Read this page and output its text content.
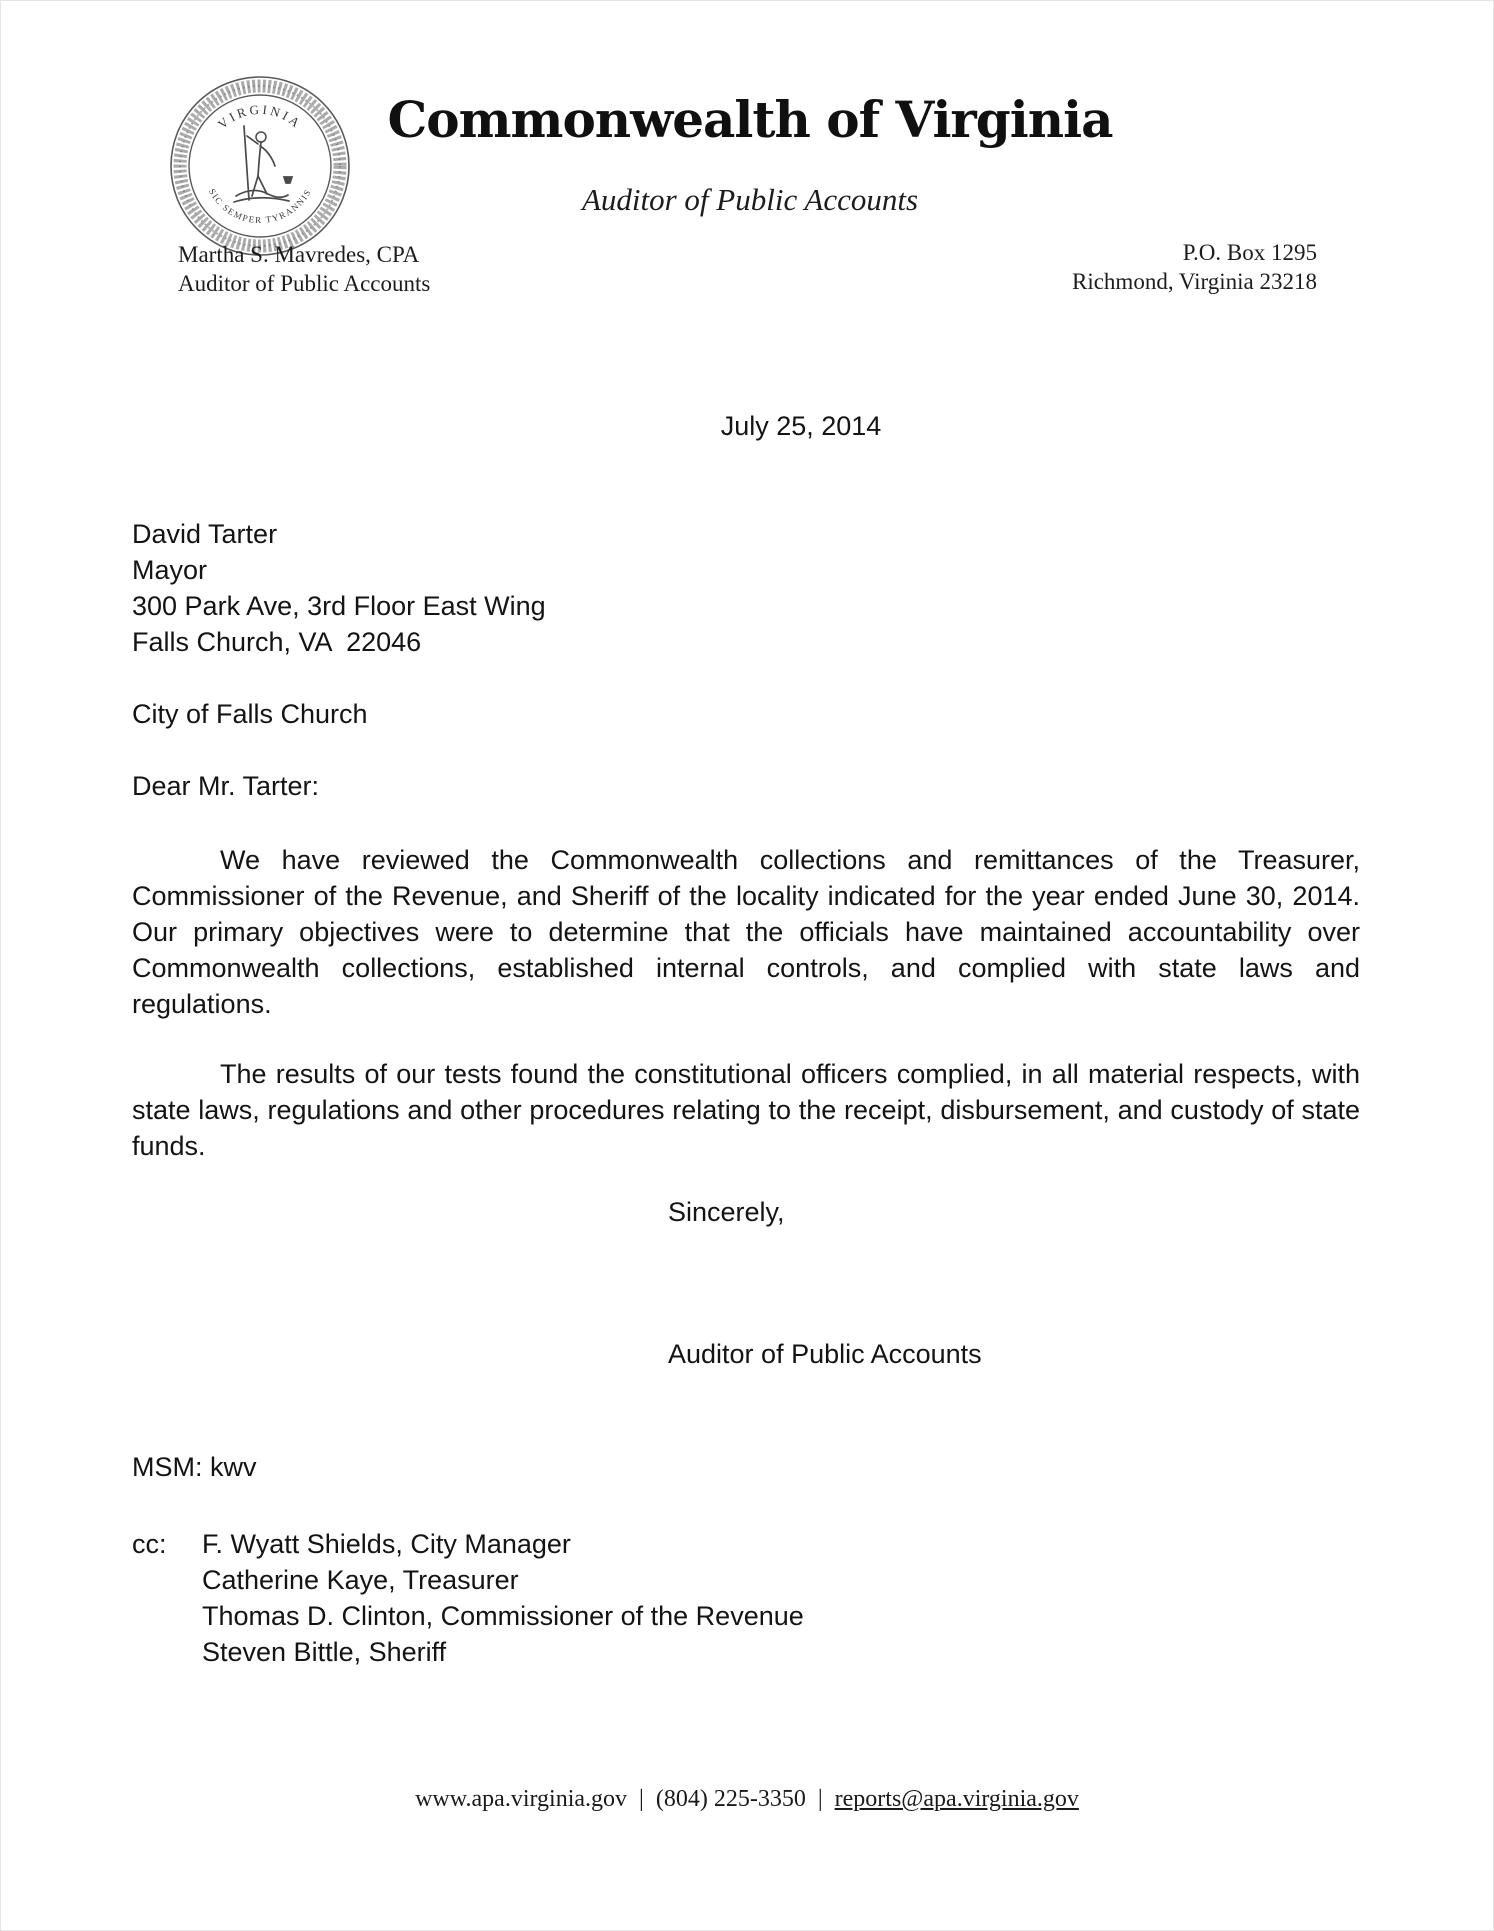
VIRGINIA
SIC SEMPER TYRANNIS
Commonwealth of Virginia
Auditor of Public Accounts
Martha S. Mavredes, CPA
Auditor of Public Accounts
P.O. Box 1295
Richmond, Virginia 23218
July 25, 2014
David Tarter
Mayor
300 Park Ave, 3rd Floor East Wing
Falls Church, VA  22046
City of Falls Church
Dear Mr. Tarter:
We have reviewed the Commonwealth collections and remittances of the Treasurer, Commissioner of the Revenue, and Sheriff of the locality indicated for the year ended June 30, 2014. Our primary objectives were to determine that the officials have maintained accountability over Commonwealth collections, established internal controls, and complied with state laws and regulations.
The results of our tests found the constitutional officers complied, in all material respects, with state laws, regulations and other procedures relating to the receipt, disbursement, and custody of state funds.
Sincerely,
Auditor of Public Accounts
MSM: kwv
cc:	F. Wyatt Shields, City Manager
Catherine Kaye, Treasurer
Thomas D. Clinton, Commissioner of the Revenue
Steven Bittle, Sheriff
www.apa.virginia.gov | (804) 225-3350 | reports@apa.virginia.gov
